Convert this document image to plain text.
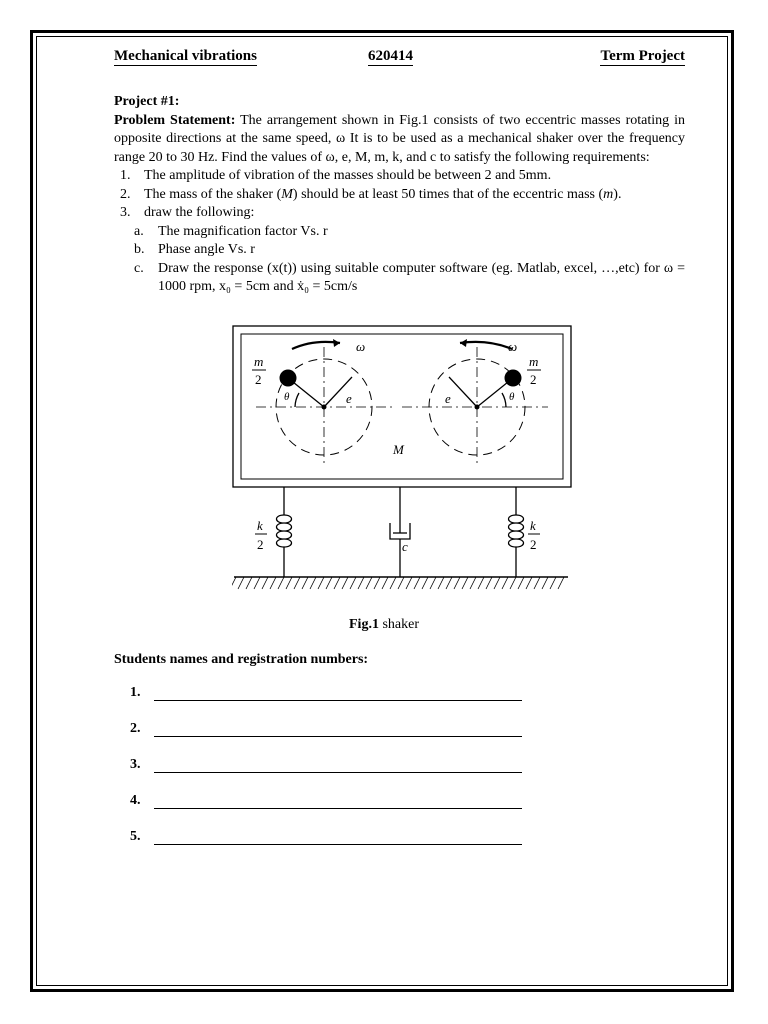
Mechanical vibrations	620414	Term Project
Project #1:
Problem Statement: The arrangement shown in Fig.1 consists of two eccentric masses rotating in opposite directions at the same speed, ω It is to be used as a mechanical shaker over the frequency range 20 to 30 Hz. Find the values of ω, e, M, m, k, and c to satisfy the following requirements:
1. The amplitude of vibration of the masses should be between 2 and 5mm.
2. The mass of the shaker (M) should be at least 50 times that of the eccentric mass (m).
3. draw the following:
a. The magnification factor Vs. r
b. Phase angle Vs. r
c. Draw the response (x(t)) using suitable computer software (eg. Matlab, excel, …,etc) for ω = 1000 rpm, x₀ = 5cm and ẋ₀ = 5cm/s
ω	ω
m
2
m
2
θ	θ
e	e
M
k
2
k
2
c
Fig.1 shaker
Students names and registration numbers:
1.
2.
3.
4.
5.
